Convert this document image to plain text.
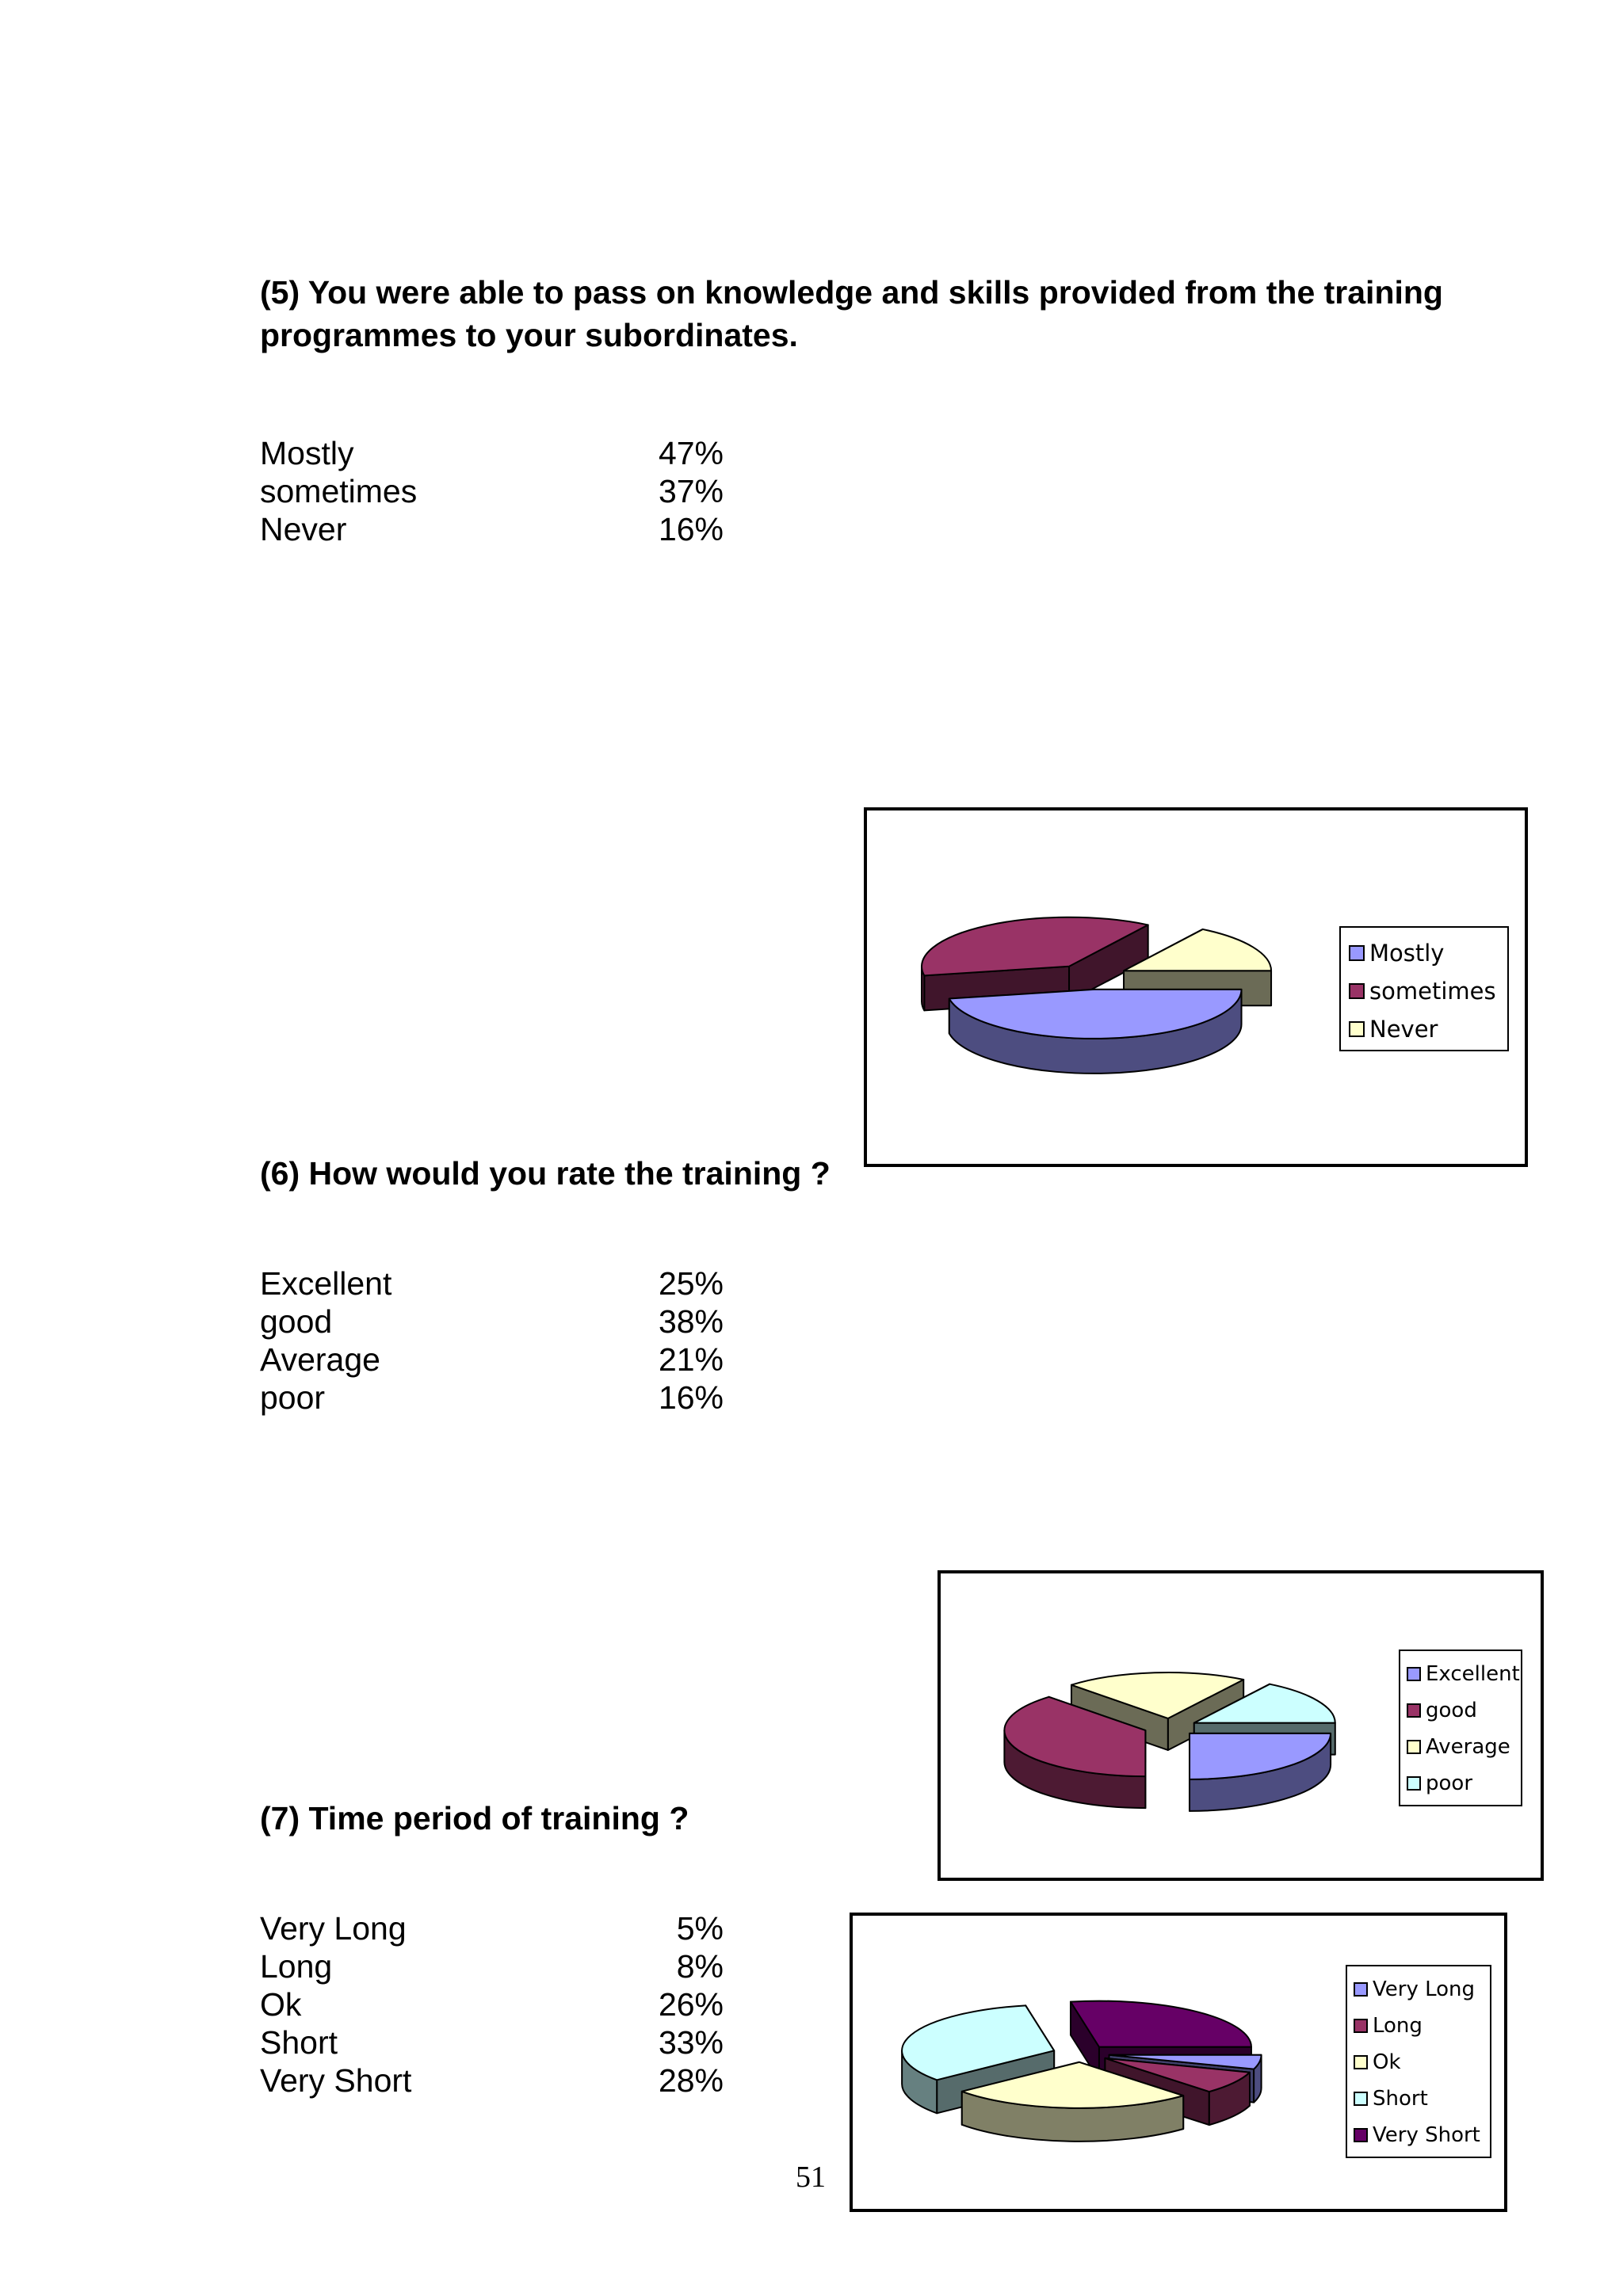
(5) You were able to pass on knowledge and skills provided from the training programmes to your subordinates.

Mostly	47%
sometimes	37%
Never	16%
Mostly
sometimes
Never

(6) How would you rate the training ?

Excellent	25%
good	38%
Average	21%
poor	16%
Excellent
good
Average
poor

(7) Time period of training ?

Very Long	5%
Long	8%
Ok	26%
Short	33%
Very Short	28%
Very Long
Long
Ok
Short
Very Short
51
